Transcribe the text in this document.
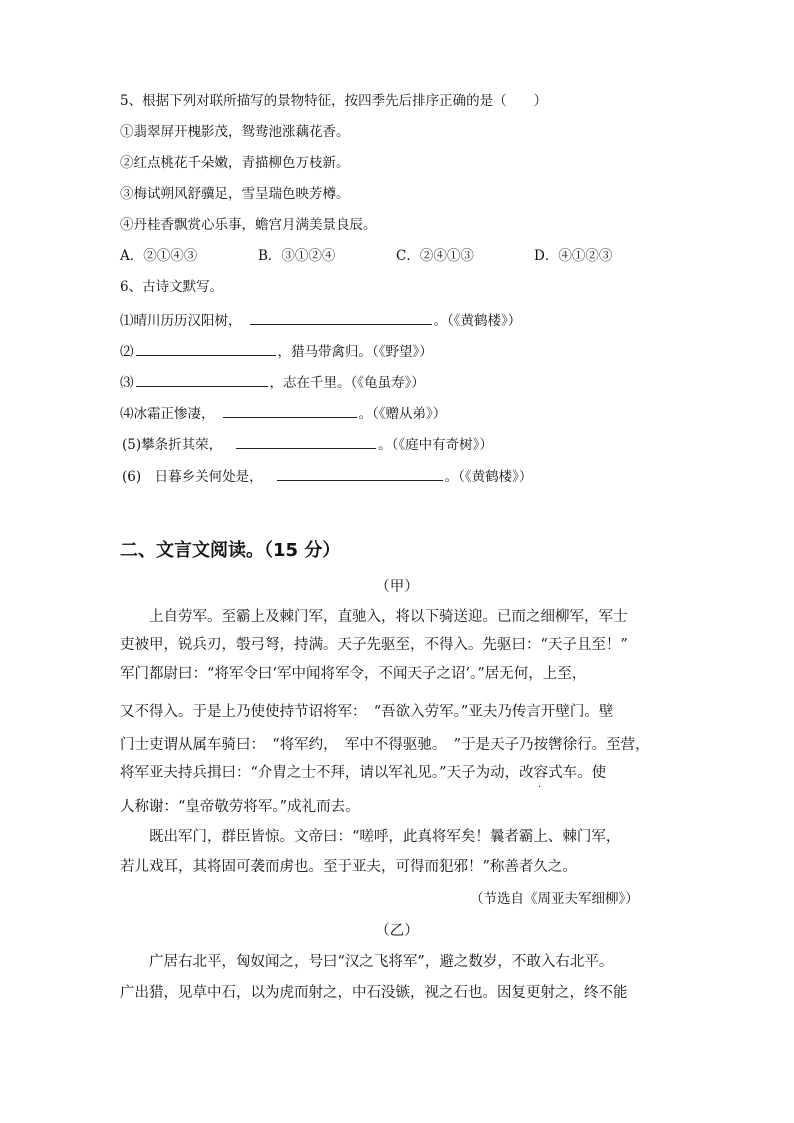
5、根据下列对联所描写的景物特征，按四季先后排序正确的是（　　）
①翡翠屏开槐影茂，鸳鸯池涨藕花香。
②红点桃花千朵嫩，青描柳色万枝新。
③梅试朔风舒骥足，雪呈瑞色映芳樽。
④丹桂香飘赏心乐事，蟾宫月满美景良辰。
A．②①④③	B．③①②④	C．②④①③	D．④①②③
6、古诗文默写。
⑴晴川历历汉阳树，	。（《黄鹤楼》）
⑵	，猎马带禽归。（《野望》）
⑶	，志在千里。（《龟虽寿》）
⑷冰霜正惨凄，	。（《赠从弟》）
(5)攀条折其荣，	。（《庭中有奇树》）
(6)　日暮乡关何处是，	。（《黄鹤楼》）
二、文言文阅读。（15 分）
（甲）
　　上自劳军。至霸上及棘门军，直驰入，将以下骑送迎。已而之细柳军，军士
吏被甲，锐兵刃，彀弓弩，持满。天子先驱至，不得入。先驱曰：“天子且至！”
军门都尉曰：“将军令曰‘军中闻将军令，不闻天子之诏’。”居无何，上至，
又不得入。于是上乃使使持节诏将军：　“吾欲入劳军。”亚夫乃传言开壁门。壁
门士吏谓从属车骑曰：　“将军约，　军中不得驱驰。　”于是天子乃按辔徐行。至营，
将军亚夫持兵揖曰：“介胄之士不拜，请以军礼见。”天子为动，改容式车。使
·
人称谢：“皇帝敬劳将军。”成礼而去。
　　既出军门，群臣皆惊。文帝曰：“嗟呼，此真将军矣！曩者霸上、棘门军，
若儿戏耳，其将固可袭而虏也。至于亚夫，可得而犯邪！”称善者久之。
（节选自《周亚夫军细柳》）
（乙）
　　广居右北平，匈奴闻之，号曰“汉之飞将军”，避之数岁，不敢入右北平。
广出猎，见草中石，以为虎而射之，中石没镞，视之石也。因复更射之，终不能
